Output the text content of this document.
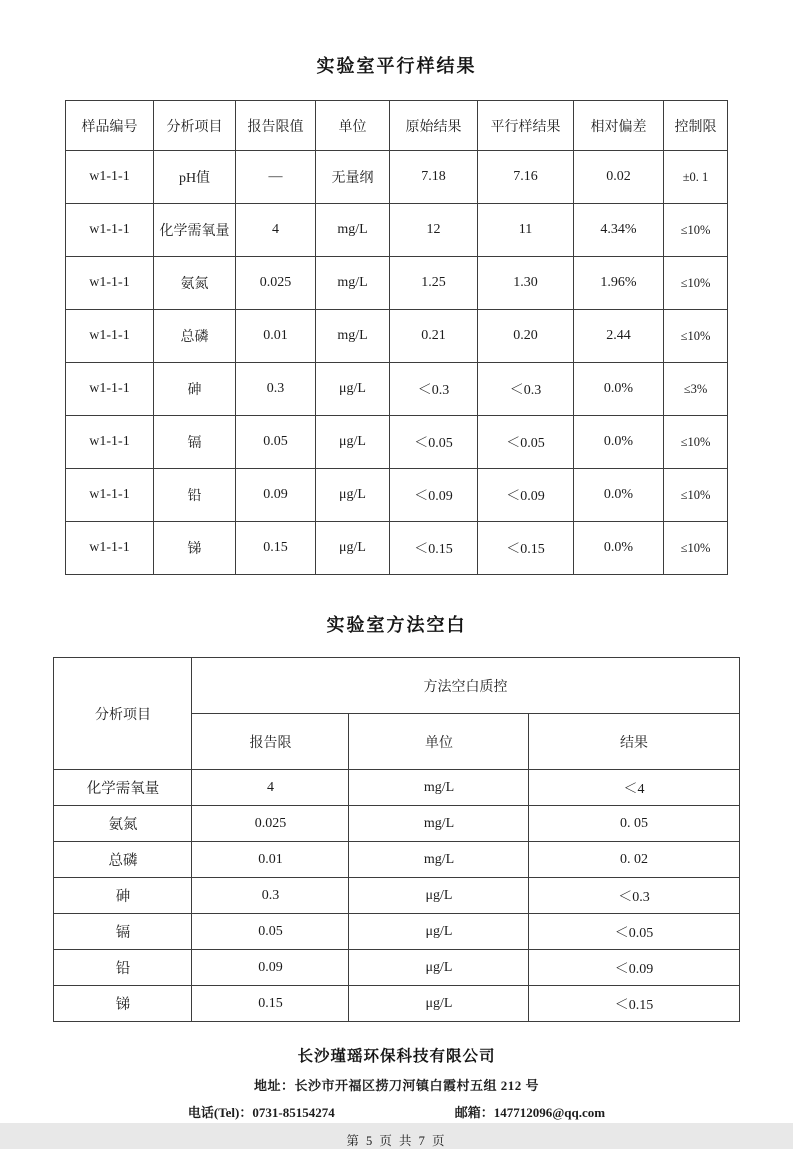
实验室平行样结果
样品编号	分析项目	报告限值	单位	原始结果	平行样结果	相对偏差	控制限
w1-1-1	pH值	—	无量纲	7.18	7.16	0.02	±0. 1
w1-1-1	化学需氧量	4	mg/L	12	11	4.34%	≤10%
w1-1-1	氨氮	0.025	mg/L	1.25	1.30	1.96%	≤10%
w1-1-1	总磷	0.01	mg/L	0.21	0.20	2.44	≤10%
w1-1-1	砷	0.3	μg/L	＜0.3	＜0.3	0.0%	≤3%
w1-1-1	镉	0.05	μg/L	＜0.05	＜0.05	0.0%	≤10%
w1-1-1	铅	0.09	μg/L	＜0.09	＜0.09	0.0%	≤10%
w1-1-1	锑	0.15	μg/L	＜0.15	＜0.15	0.0%	≤10%
实验室方法空白
分析项目	方法空白质控		
	报告限	单位	结果
化学需氧量	4	mg/L	＜4
氨氮	0.025	mg/L	0. 05
总磷	0.01	mg/L	0. 02
砷	0.3	μg/L	＜0.3
镉	0.05	μg/L	＜0.05
铅	0.09	μg/L	＜0.09
锑	0.15	μg/L	＜0.15
长沙瑾瑶环保科技有限公司
地址：长沙市开福区捞刀河镇白霞村五组 212 号
电话(Tel)：0731-85154274	邮箱：147712096@qq.com
第 5 页 共 7 页
